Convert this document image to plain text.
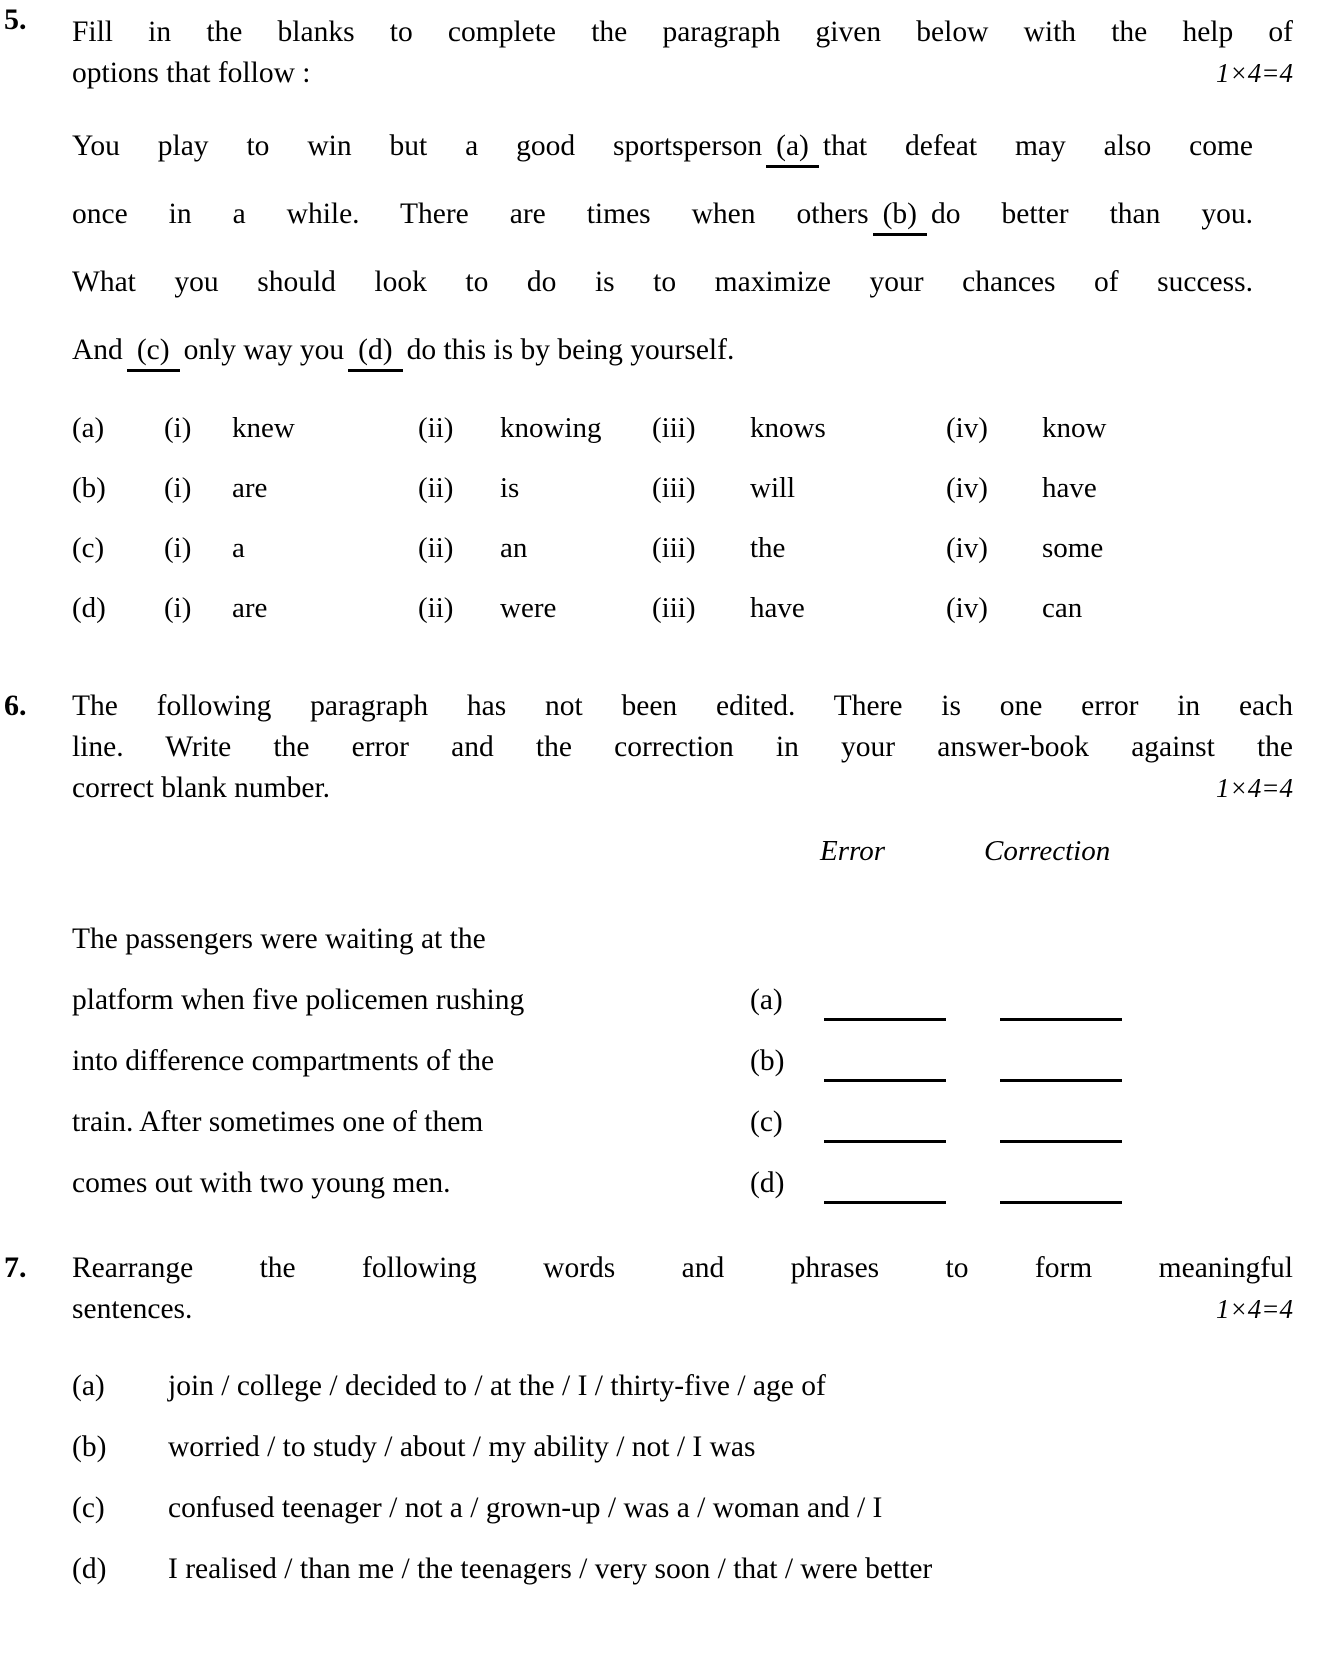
5.	Fill in the blanks to complete the paragraph given below with the help of
options that follow :	1×4=4
You play to win but a good sportsperson (a) that defeat may also come
once in a while. There are times when others (b) do better than you.
What you should look to do is to maximize your chances of success.
And (c) only way you (d) do this is by being yourself.
(a)	(i)	knew	(ii)	knowing	(iii)	knows	(iv)	know
(b)	(i)	are	(ii)	is	(iii)	will	(iv)	have
(c)	(i)	a	(ii)	an	(iii)	the	(iv)	some
(d)	(i)	are	(ii)	were	(iii)	have	(iv)	can
6.	The following paragraph has not been edited. There is one error in each
line. Write the error and the correction in your answer-book against the
correct blank number.	1×4=4
Error	Correction
The passengers were waiting at the
platform when five policemen rushing	(a)
into difference compartments of the	(b)
train. After sometimes one of them	(c)
comes out with two young men.	(d)
7.	Rearrange the following words and phrases to form meaningful
sentences.	1×4=4
(a)	join / college / decided to / at the / I / thirty-five / age of
(b)	worried / to study / about / my ability / not / I was
(c)	confused teenager / not a / grown-up / was a / woman and / I
(d)	I realised / than me / the teenagers / very soon / that / were better
